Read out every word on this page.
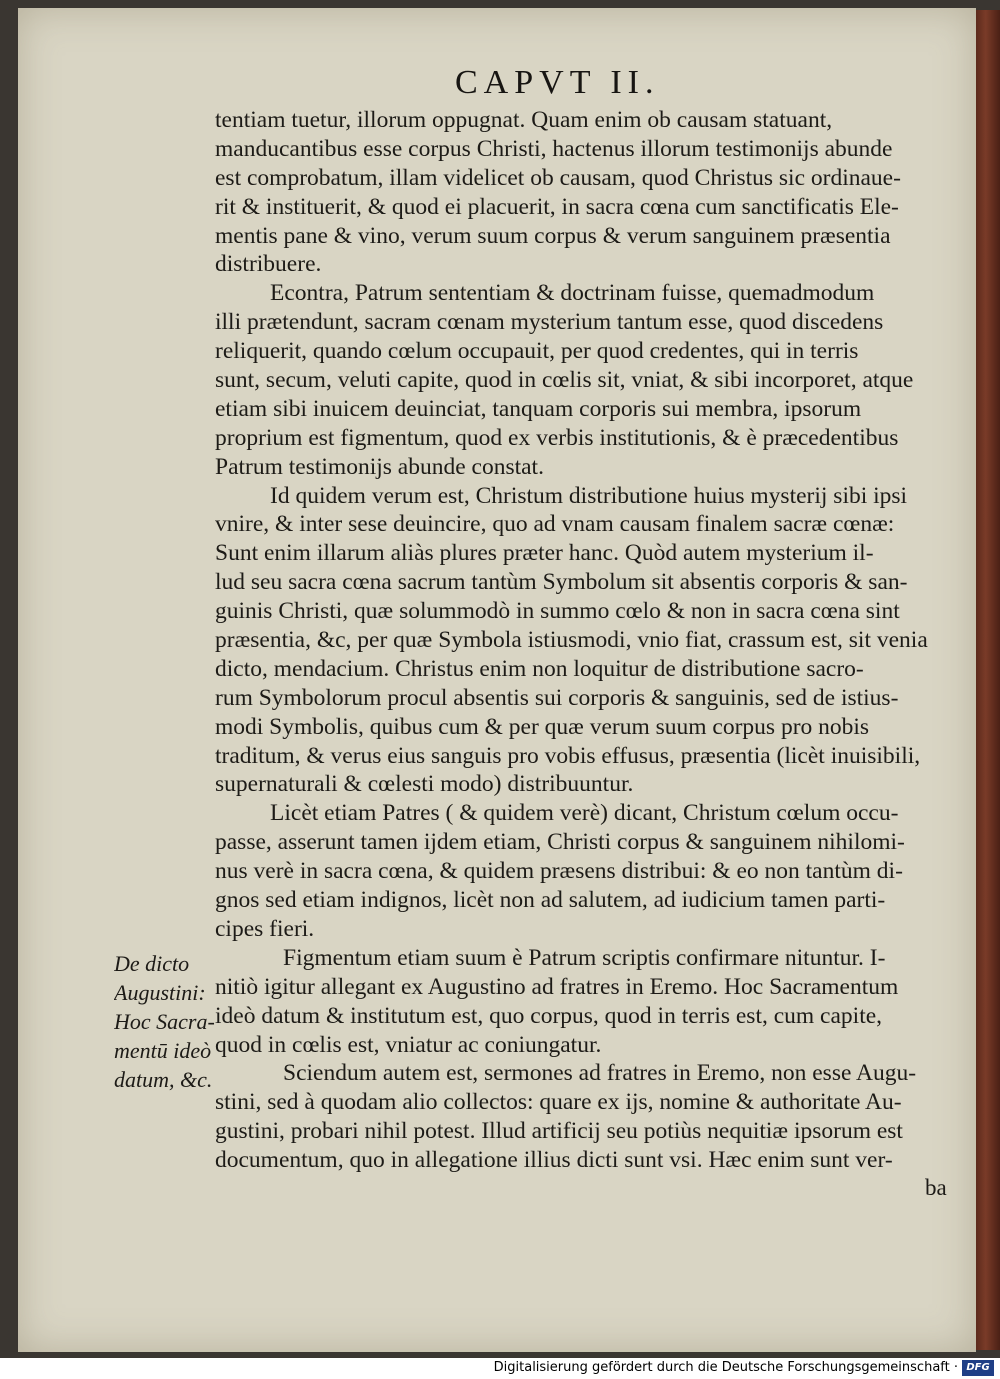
CAPVT II.
tentiam tuetur, illorum oppugnat. Quam enim ob causam statuant,
manducantibus esse corpus Christi, hactenus illorum testimonijs abunde
est comprobatum, illam videlicet ob causam, quod Christus sic ordinaue-
rit & instituerit, & quod ei placuerit, in sacra cœna cum sanctificatis Ele-
mentis pane & vino, verum suum corpus & verum sanguinem præsentia
distribuere.
Econtra, Patrum sententiam & doctrinam fuisse, quemadmodum
illi prætendunt, sacram cœnam mysterium tantum esse, quod discedens
reliquerit, quando cœlum occupauit, per quod credentes, qui in terris
sunt, secum, veluti capite, quod in cœlis sit, vniat, & sibi incorporet, atque
etiam sibi inuicem deuinciat, tanquam corporis sui membra, ipsorum
proprium est figmentum, quod ex verbis institutionis, & è præcedentibus
Patrum testimonijs abunde constat.
Id quidem verum est, Christum distributione huius mysterij sibi ipsi
vnire, & inter sese deuincire, quo ad vnam causam finalem sacræ cœnæ:
Sunt enim illarum aliàs plures præter hanc. Quòd autem mysterium il-
lud seu sacra cœna sacrum tantùm Symbolum sit absentis corporis & san-
guinis Christi, quæ solummodò in summo cœlo & non in sacra cœna sint
præsentia, &c, per quæ Symbola istiusmodi, vnio fiat, crassum est, sit venia
dicto, mendacium. Christus enim non loquitur de distributione sacro-
rum Symbolorum procul absentis sui corporis & sanguinis, sed de istius-
modi Symbolis, quibus cum & per quæ verum suum corpus pro nobis
traditum, & verus eius sanguis pro vobis effusus, præsentia (licèt inuisibili,
supernaturali & cœlesti modo) distribuuntur.
Licèt etiam Patres ( & quidem verè) dicant, Christum cœlum occu-
passe, asserunt tamen ijdem etiam, Christi corpus & sanguinem nihilomi-
nus verè in sacra cœna, & quidem præsens distribui: & eo non tantùm di-
gnos sed etiam indignos, licèt non ad salutem, ad iudicium tamen parti-
cipes fieri.
Figmentum etiam suum è Patrum scriptis confirmare nituntur. I-
nitiò igitur allegant ex Augustino ad fratres in Eremo. Hoc Sacramentum
ideò datum & institutum est, quo corpus, quod in terris est, cum capite,
quod in cœlis est, vniatur ac coniungatur.
Sciendum autem est, sermones ad fratres in Eremo, non esse Augu-
stini, sed à quodam alio collectos: quare ex ijs, nomine & authoritate Au-
gustini, probari nihil potest. Illud artificij seu potiùs nequitiæ ipsorum est
documentum, quo in allegatione illius dicti sunt vsi. Hæc enim sunt ver-
De dicto
Augustini:
Hoc Sacra-
mentū ideò
datum, &c.
ba
Digitalisierung gefördert durch die Deutsche Forschungsgemeinschaft · DFG
